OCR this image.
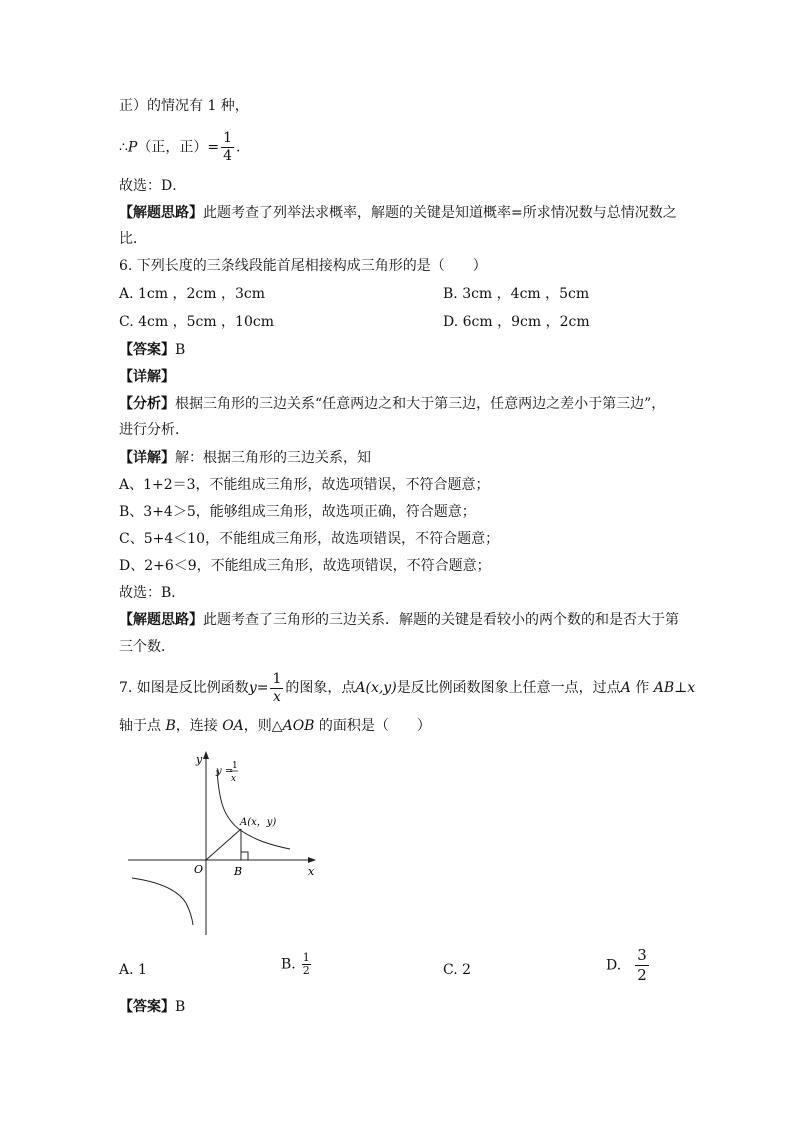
正）的情况有 1 种，
∴P（正，正）= $\frac{1}{4}$ .
故选：D．
【解题思路】此题考查了列举法求概率，解题的关键是知道概率=所求情况数与总情况数之
比．
6. 下列长度的三条线段能首尾相接构成三角形的是（　　）
A. 1cm ，2cm ，3cm	B. 3cm ，4cm ，5cm
C. 4cm ，5cm ，10cm	D. 6cm ，9cm ，2cm
【答案】B
【详解】
【分析】根据三角形的三边关系“任意两边之和大于第三边，任意两边之差小于第三边”，
进行分析．
【详解】解：根据三角形的三边关系，知
A、1+2＝3，不能组成三角形，故选项错误，不符合题意；
B、3+4＞5，能够组成三角形，故选项正确，符合题意；
C、5+4＜10，不能组成三角形，故选项错误，不符合题意；
D、2+6＜9，不能组成三角形，故选项错误，不符合题意；
故选：B．
【解题思路】此题考查了三角形的三边关系．解题的关键是看较小的两个数的和是否大于第
三个数．
7. 如图是反比例函数$y= \frac{1}{x}$ 的图象，点A(x,y)是反比例函数图象上任意一点，过点A 作 AB⊥x
轴于点 B，连接 OA，则△AOB 的面积是（　　）
y
x
O	B
A(x，y)
y =
1
x
A. 1	B. $\frac{1}{2}$	C. 2	D. $\frac{3}{2}$
【答案】B
